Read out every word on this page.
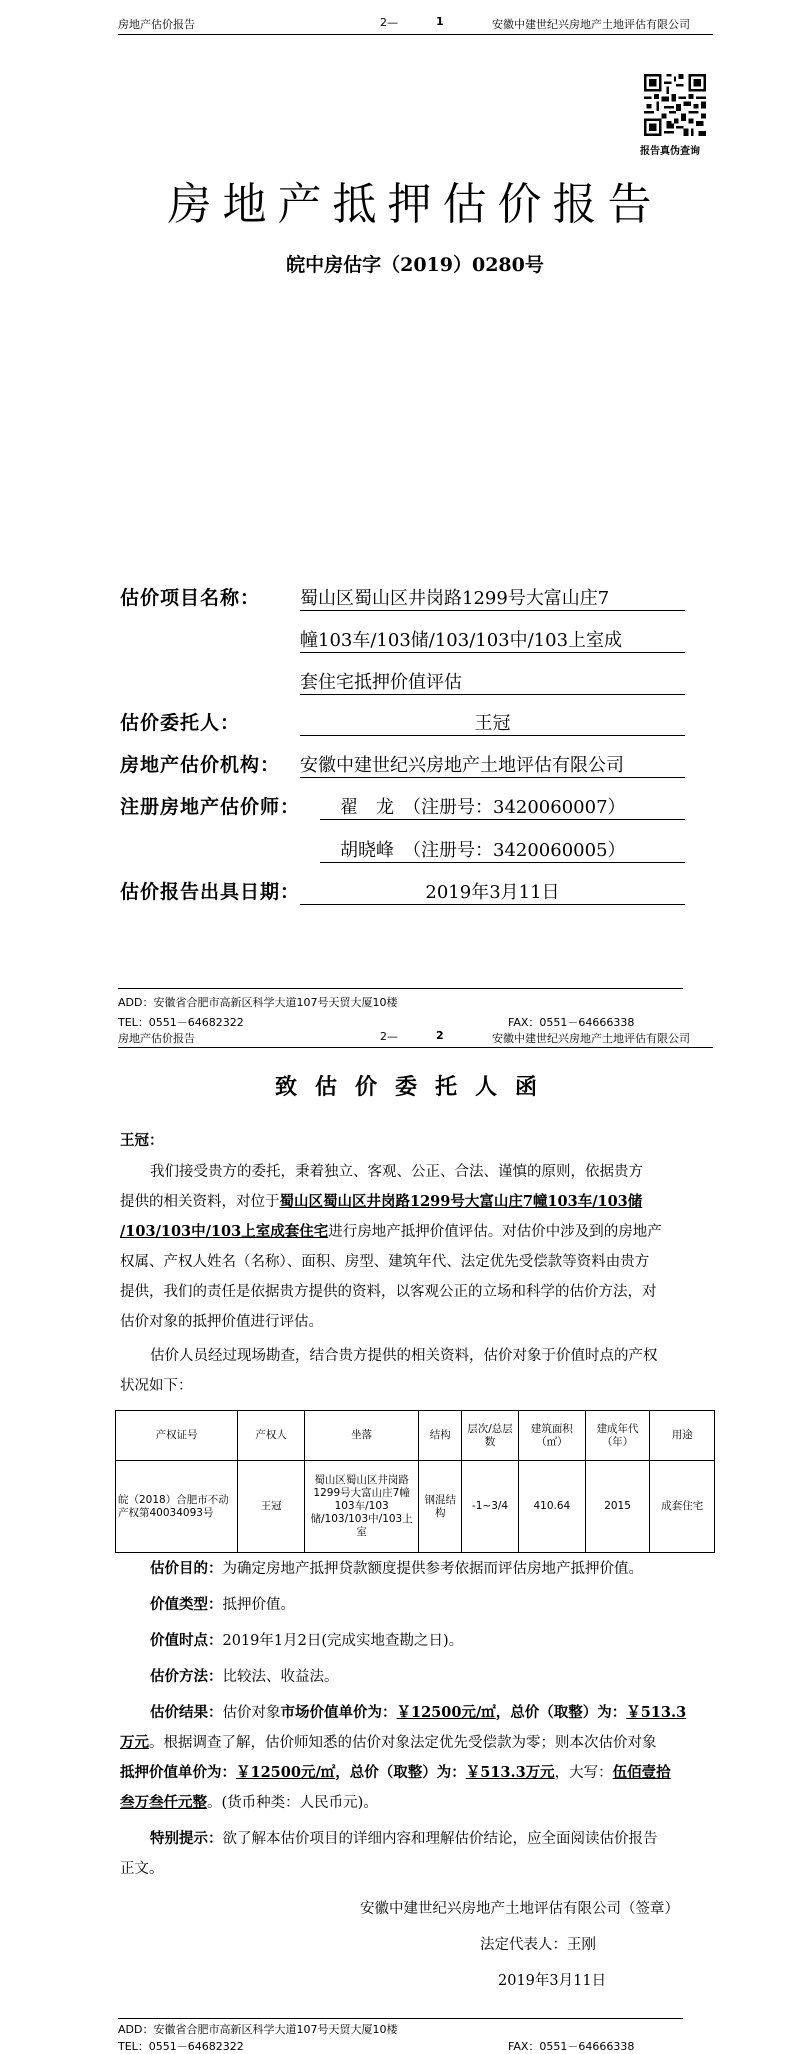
房地产估价报告	2—	1	安徽中建世纪兴房地产土地评估有限公司
报告真伪查询
房地产抵押估价报告
皖中房估字（2019）0280号
估价项目名称： 蜀山区蜀山区井岗路1299号大富山庄7
幢103车/103储/103/103中/103上室成
套住宅抵押价值评估
估价委托人：	王冠
房地产估价机构： 安徽中建世纪兴房地产土地评估有限公司
注册房地产估价师： 翟　龙　（注册号：3420060007）
胡晓峰　（注册号：3420060005）
估价报告出具日期：	2019年3月11日
ADD：安徽省合肥市高新区科学大道107号天贸大厦10楼
TEL：0551－64682322	FAX：0551－64666338
房地产估价报告	2—	2	安徽中建世纪兴房地产土地评估有限公司
致估价委托人函
王冠：
我们接受贵方的委托，秉着独立、客观、公正、合法、谨慎的原则，依据贵方
提供的相关资料，对位于蜀山区蜀山区井岗路1299号大富山庄7幢103车/103储
/103/103中/103上室成套住宅进行房地产抵押价值评估。对估价中涉及到的房地产
权属、产权人姓名（名称）、面积、房型、建筑年代、法定优先受偿款等资料由贵方
提供，我们的责任是依据贵方提供的资料，以客观公正的立场和科学的估价方法，对
估价对象的抵押价值进行评估。
估价人员经过现场勘查，结合贵方提供的相关资料，估价对象于价值时点的产权
状况如下：
产权证号	产权人	坐落	结构	层次/总层数	建筑面积（㎡）	建成年代（年）	用途
皖（2018）合肥市不动产权第40034093号	王冠	蜀山区蜀山区井岗路1299号大富山庄7幢103车/103储/103/103中/103上室	钢混结构	-1~3/4	410.64	2015	成套住宅
估价目的：为确定房地产抵押贷款额度提供参考依据而评估房地产抵押价值。
价值类型：抵押价值。
价值时点：2019年1月2日(完成实地查勘之日)。
估价方法：比较法、收益法。
估价结果：估价对象市场价值单价为：￥12500元/㎡，总价（取整）为：￥513.3
万元。根据调查了解，估价师知悉的估价对象法定优先受偿款为零；则本次估价对象
抵押价值单价为：￥12500元/㎡，总价（取整）为：￥513.3万元，大写：伍佰壹拾
叁万叁仟元整。(货币种类：人民币元)。
特别提示：欲了解本估价项目的详细内容和理解估价结论，应全面阅读估价报告
正文。
安徽中建世纪兴房地产土地评估有限公司（签章）
法定代表人：王刚
2019年3月11日
ADD：安徽省合肥市高新区科学大道107号天贸大厦10楼
TEL：0551－64682322	FAX：0551－64666338
